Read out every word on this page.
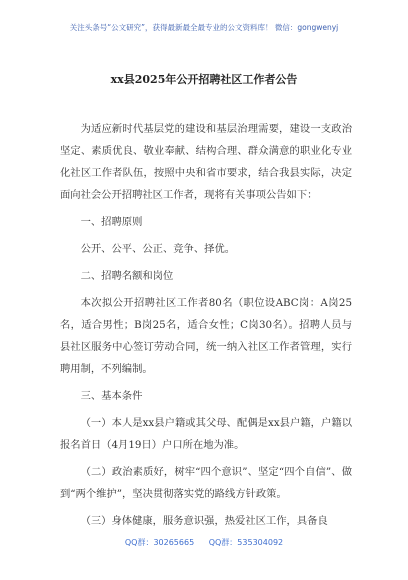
关注头条号“公文研究”，获得最新最全最专业的公文资料库！ 微信：gongwenyj
xx县2025年公开招聘社区工作者公告

为适应新时代基层党的建设和基层治理需要，建设一支政治坚定、素质优良、敬业奉献、结构合理、群众满意的职业化专业化社区工作者队伍，按照中央和省市要求，结合我县实际，决定面向社会公开招聘社区工作者，现将有关事项公告如下：

一、招聘原则

公开、公平、公正、竞争、择优。

二、招聘名额和岗位

本次拟公开招聘社区工作者80名（职位设ABC岗：A岗25名，适合男性；B岗25名，适合女性；C岗30名）。招聘人员与县社区服务中心签订劳动合同，统一纳入社区工作者管理，实行聘用制，不列编制。

三、基本条件

（一）本人是xx县户籍或其父母、配偶是xx县户籍，户籍以报名首日（4月19日）户口所在地为准。

（二）政治素质好，树牢“四个意识”、坚定“四个自信”、做到“两个维护”，坚决贯彻落实党的路线方针政策。

（三）身体健康，服务意识强，热爱社区工作，具备良

QQ群：30265665 QQ群：535304092
